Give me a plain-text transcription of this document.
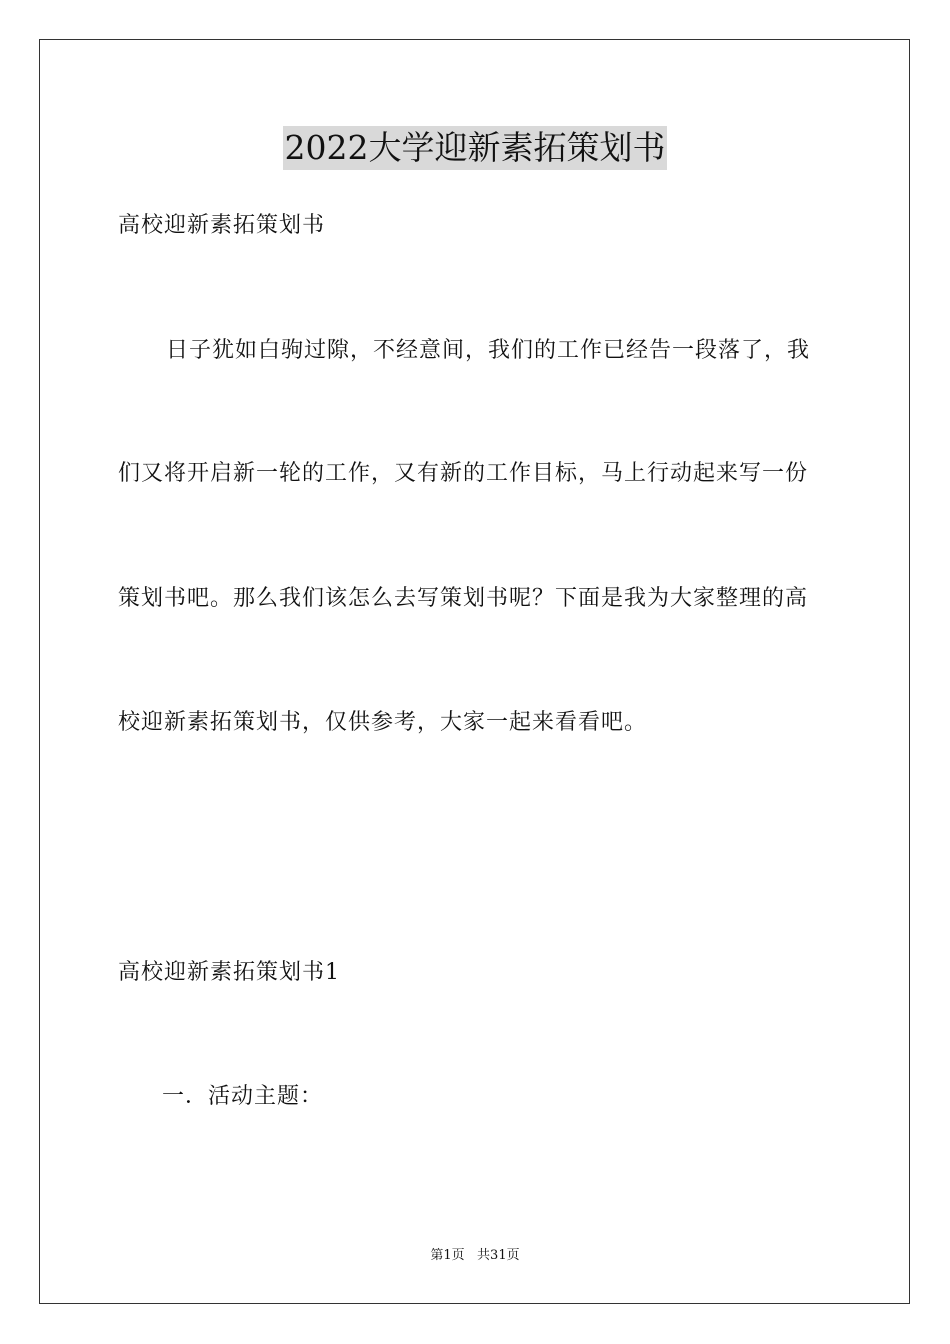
2022大学迎新素拓策划书
高校迎新素拓策划书
日子犹如白驹过隙，不经意间，我们的工作已经告一段落了，我
们又将开启新一轮的工作，又有新的工作目标，马上行动起来写一份
策划书吧。那么我们该怎么去写策划书呢？下面是我为大家整理的高
校迎新素拓策划书，仅供参考，大家一起来看看吧。
高校迎新素拓策划书1
一．活动主题：
第1页   共31页
